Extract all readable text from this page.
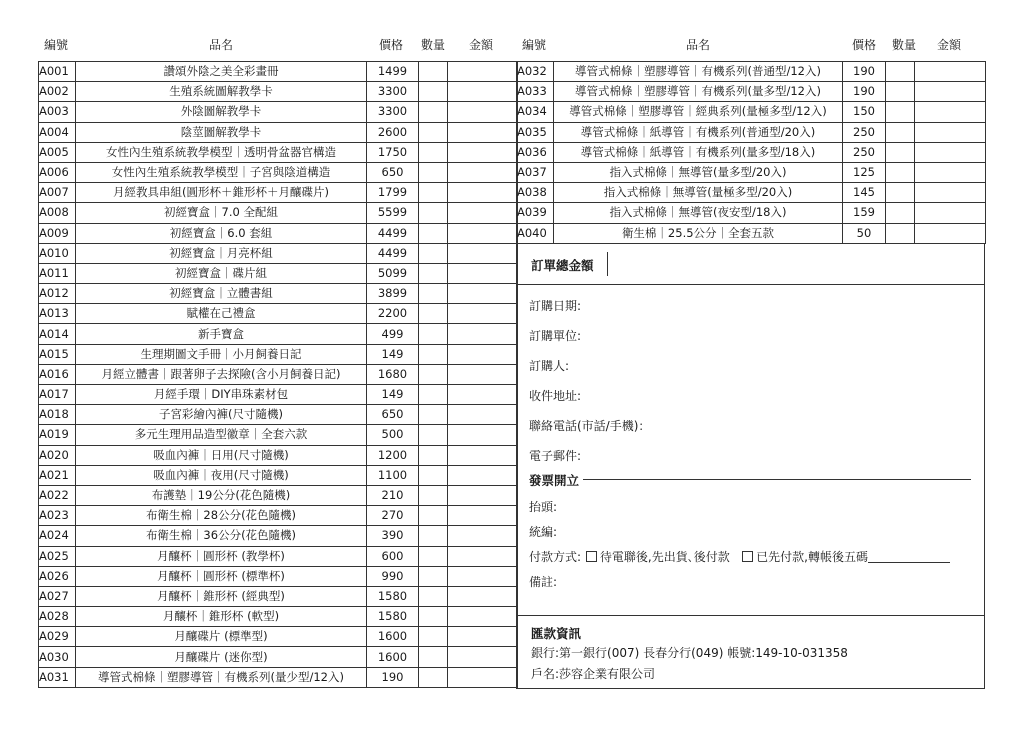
編號	品名	價格 數量 金額 編號	品名	價格 數量 金額
A001	讚頌外陰之美全彩畫冊	1499		
A002	生殖系統圖解教學卡	3300		
A003	外陰圖解教學卡	3300		
A004	陰莖圖解教學卡	2600		
A005	女性內生殖系統教學模型｜透明骨盆器官構造	1750		
A006	女性內生殖系統教學模型｜子宮與陰道構造	650		
A007	月經教具串組(圓形杯＋錐形杯＋月釀碟片)	1799		
A008	初經寶盒｜7.0 全配組	5599		
A009	初經寶盒｜6.0 套組	4499		
A010	初經寶盒｜月亮杯組	4499		
A011	初經寶盒｜碟片組	5099		
A012	初經寶盒｜立體書組	3899		
A013	賦權在己禮盒	2200		
A014	新手寶盒	499		
A015	生理期圖文手冊｜小月飼養日記	149		
A016	月經立體書｜跟著卵子去探險(含小月飼養日記)	1680		
A017	月經手環｜DIY串珠素材包	149		
A018	子宮彩繪內褲(尺寸隨機)	650		
A019	多元生理用品造型徽章｜全套六款	500		
A020	吸血內褲｜日用(尺寸隨機)	1200		
A021	吸血內褲｜夜用(尺寸隨機)	1100		
A022	布護墊｜19公分(花色隨機)	210		
A023	布衛生棉｜28公分(花色隨機)	270		
A024	布衛生棉｜36公分(花色隨機)	390		
A025	月釀杯｜圓形杯 (教學杯)	600		
A026	月釀杯｜圓形杯 (標準杯)	990		
A027	月釀杯｜錐形杯 (經典型)	1580		
A028	月釀杯｜錐形杯 (軟型)	1580		
A029	月釀碟片 (標準型)	1600		
A030	月釀碟片 (迷你型)	1600		
A031	導管式棉條｜塑膠導管｜有機系列(量少型/12入)	190		
A032	導管式棉條｜塑膠導管｜有機系列(普通型/12入)	190		
A033	導管式棉條｜塑膠導管｜有機系列(量多型/12入)	190		
A034	導管式棉條｜塑膠導管｜經典系列(量極多型/12入)	150		
A035	導管式棉條｜紙導管｜有機系列(普通型/20入)	250		
A036	導管式棉條｜紙導管｜有機系列(量多型/18入)	250		
A037	指入式棉條｜無導管(量多型/20入)	125		
A038	指入式棉條｜無導管(量極多型/20入)	145		
A039	指入式棉條｜無導管(夜安型/18入)	159		
A040	衛生棉｜25.5公分｜全套五款	50		
訂單總金額
訂購日期:
訂購單位:
訂購人:
收件地址:
聯絡電話(市話/手機)：
電子郵件:
發票開立
抬頭:
統編:
付款方式: 待電聯後,先出貨､後付款 已先付款,轉帳後五碼
備註:
匯款資訊
銀行:第一銀行(007) 長春分行(049) 帳號:149-10-031358
戶名:莎容企業有限公司
